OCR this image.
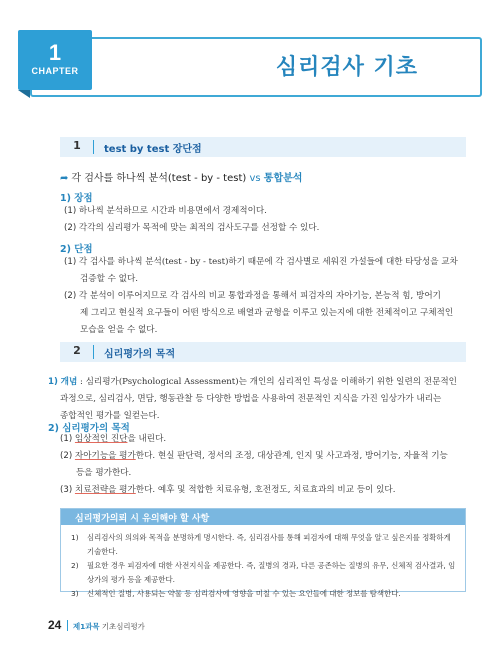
1
CHAPTER	심리검사 기초
1	test by test 장단점
➦ 각 검사를 하나씩 분석(test - by - test) vs 통합분석
1) 장점
(1) 하나씩 분석하므로 시간과 비용면에서 경제적이다.
(2) 각각의 심리평가 목적에 맞는 최적의 검사도구를 선정할 수 있다.
2) 단점
(1) 각 검사를 하나씩 분석(test - by - test)하기 때문에 각 검사별로 세워진 가설들에 대한 타당성을 교차
검증할 수 없다.
(2) 각 분석이 이루어지므로 각 검사의 비교 통합과정을 통해서 피검자의 자아기능, 본능적 힘, 방어기
제 그리고 현실적 요구들이 어떤 방식으로 배열과 균형을 이루고 있는지에 대한 전체적이고 구체적인
모습을 얻을 수 없다.
2	심리평가의 목적
1) 개념 : 심리평가(Psychological Assessment)는 개인의 심리적인 특성을 이해하기 위한 일련의 전문적인
과정으로, 심리검사, 면담, 행동관찰 등 다양한 방법을 사용하여 전문적인 지식을 가진 임상가가 내리는
종합적인 평가를 일컫는다.
2) 심리평가의 목적
(1) 임상적인 진단을 내린다.
(2) 자아기능을 평가한다. 현실 판단력, 정서의 조정, 대상관계, 인지 및 사고과정, 방어기능, 자율적 기능
등을 평가한다.
(3) 치료전략을 평가한다. 예후 및 적합한 치료유형, 호전정도, 치료효과의 비교 등이 있다.
심리평가의뢰 시 유의해야 할 사항
1) 심리검사의 의의와 목적을 분명하게 명시한다. 즉, 심리검사를 통해 피검자에 대해 무엇을 알고 싶은지를 정확하게
기술한다.
2) 필요한 경우 피검자에 대한 사전지식을 제공한다. 즉, 질병의 경과, 다른 공존하는 질병의 유무, 신체적 검사결과, 임
상가의 평가 등을 제공한다.
3) 신체적인 질병, 사용되는 약물 등 심리검사에 영향을 미칠 수 있는 요인들에 대한 정보를 탐색한다.
24 제1과목 기초심리평가
